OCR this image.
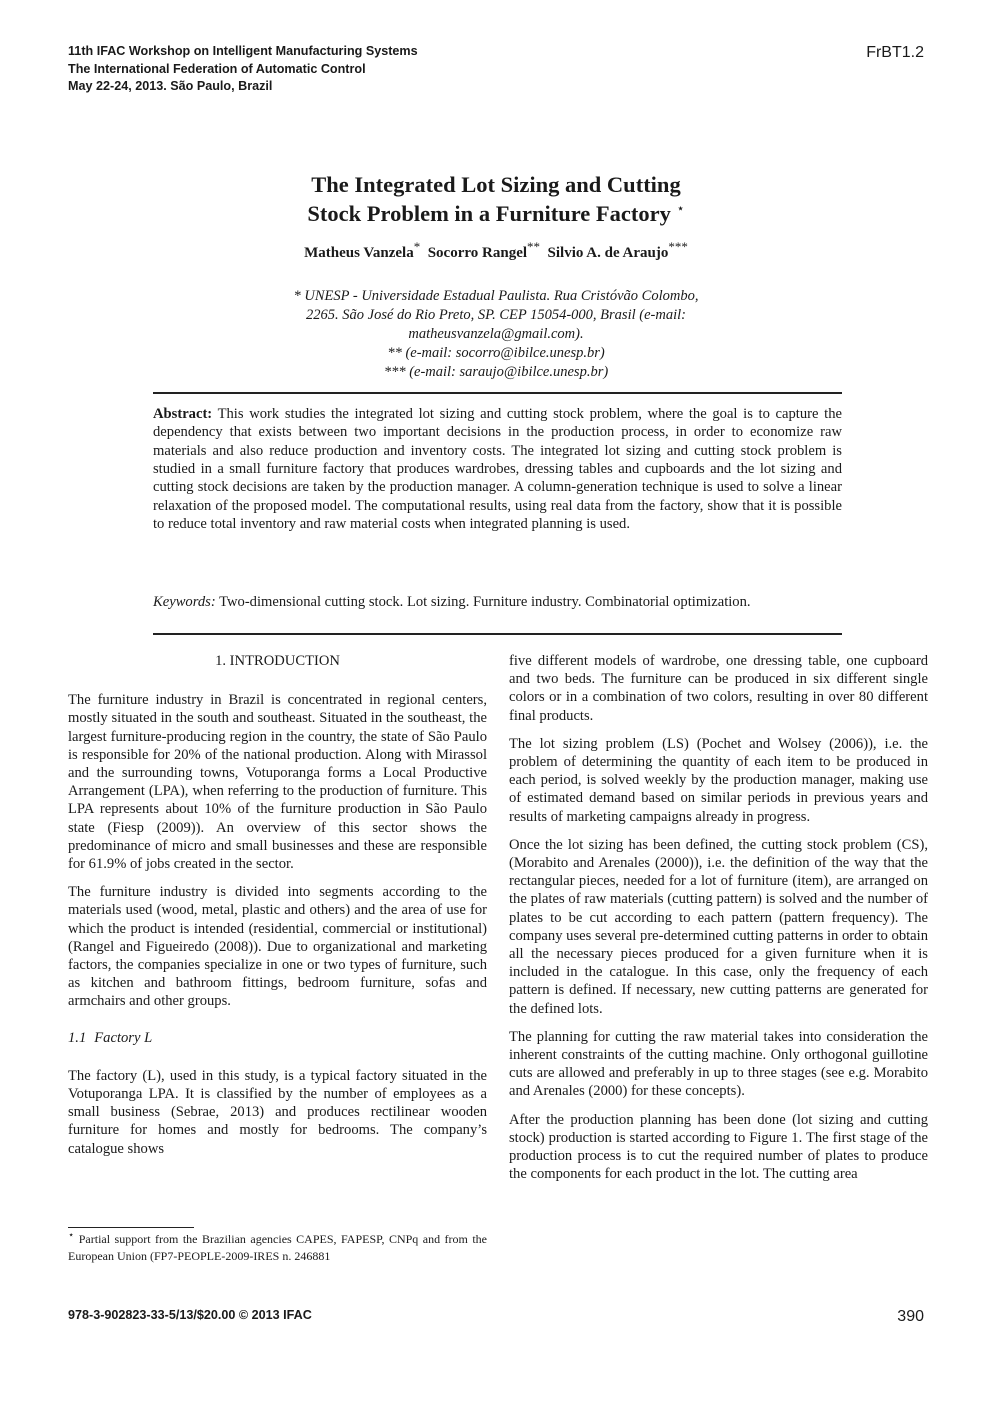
11th IFAC Workshop on Intelligent Manufacturing Systems
The International Federation of Automatic Control
May 22-24, 2013. São Paulo, Brazil
FrBT1.2
The Integrated Lot Sizing and Cutting
Stock Problem in a Furniture Factory ⋆
Matheus Vanzela* Socorro Rangel** Silvio A. de Araujo***
* UNESP - Universidade Estadual Paulista. Rua Cristóvão Colombo,
2265. São José do Rio Preto, SP. CEP 15054-000, Brasil (e-mail:
matheusvanzela@gmail.com).
** (e-mail: socorro@ibilce.unesp.br)
*** (e-mail: saraujo@ibilce.unesp.br)
Abstract: This work studies the integrated lot sizing and cutting stock problem, where the goal is to capture the dependency that exists between two important decisions in the production process, in order to economize raw materials and also reduce production and inventory costs. The integrated lot sizing and cutting stock problem is studied in a small furniture factory that produces wardrobes, dressing tables and cupboards and the lot sizing and cutting stock decisions are taken by the production manager. A column-generation technique is used to solve a linear relaxation of the proposed model. The computational results, using real data from the factory, show that it is possible to reduce total inventory and raw material costs when integrated planning is used.
Keywords: Two-dimensional cutting stock. Lot sizing. Furniture industry. Combinatorial optimization.
1. INTRODUCTION

The furniture industry in Brazil is concentrated in regional centers, mostly situated in the south and southeast. Situated in the southeast, the largest furniture-producing region in the country, the state of São Paulo is responsible for 20% of the national production. Along with Mirassol and the surrounding towns, Votuporanga forms a Local Productive Arrangement (LPA), when referring to the production of furniture. This LPA represents about 10% of the furniture production in São Paulo state (Fiesp (2009)). An overview of this sector shows the predominance of micro and small businesses and these are responsible for 61.9% of jobs created in the sector.

The furniture industry is divided into segments according to the materials used (wood, metal, plastic and others) and the area of use for which the product is intended (residential, commercial or institutional) (Rangel and Figueiredo (2008)). Due to organizational and marketing factors, the companies specialize in one or two types of furniture, such as kitchen and bathroom fittings, bedroom furniture, sofas and armchairs and other groups.

1.1 Factory L

The factory (L), used in this study, is a typical factory situated in the Votuporanga LPA. It is classified by the number of employees as a small business (Sebrae, 2013) and produces rectilinear wooden furniture for homes and mostly for bedrooms. The company’s catalogue shows

⋆ Partial support from the Brazilian agencies CAPES, FAPESP, CNPq and from the European Union (FP7-PEOPLE-2009-IRES n. 246881

five different models of wardrobe, one dressing table, one cupboard and two beds. The furniture can be produced in six different single colors or in a combination of two colors, resulting in over 80 different final products.

The lot sizing problem (LS) (Pochet and Wolsey (2006)), i.e. the problem of determining the quantity of each item to be produced in each period, is solved weekly by the production manager, making use of estimated demand based on similar periods in previous years and results of marketing campaigns already in progress.

Once the lot sizing has been defined, the cutting stock problem (CS), (Morabito and Arenales (2000)), i.e. the definition of the way that the rectangular pieces, needed for a lot of furniture (item), are arranged on the plates of raw materials (cutting pattern) is solved and the number of plates to be cut according to each pattern (pattern frequency). The company uses several pre-determined cutting patterns in order to obtain all the necessary pieces produced for a given furniture when it is included in the catalogue. In this case, only the frequency of each pattern is defined. If necessary, new cutting patterns are generated for the defined lots.

The planning for cutting the raw material takes into consideration the inherent constraints of the cutting machine. Only orthogonal guillotine cuts are allowed and preferably in up to three stages (see e.g. Morabito and Arenales (2000) for these concepts).

After the production planning has been done (lot sizing and cutting stock) production is started according to Figure 1. The first stage of the production process is to cut the required number of plates to produce the components for each product in the lot. The cutting area

978-3-902823-33-5/13/$20.00 © 2013 IFAC	390
